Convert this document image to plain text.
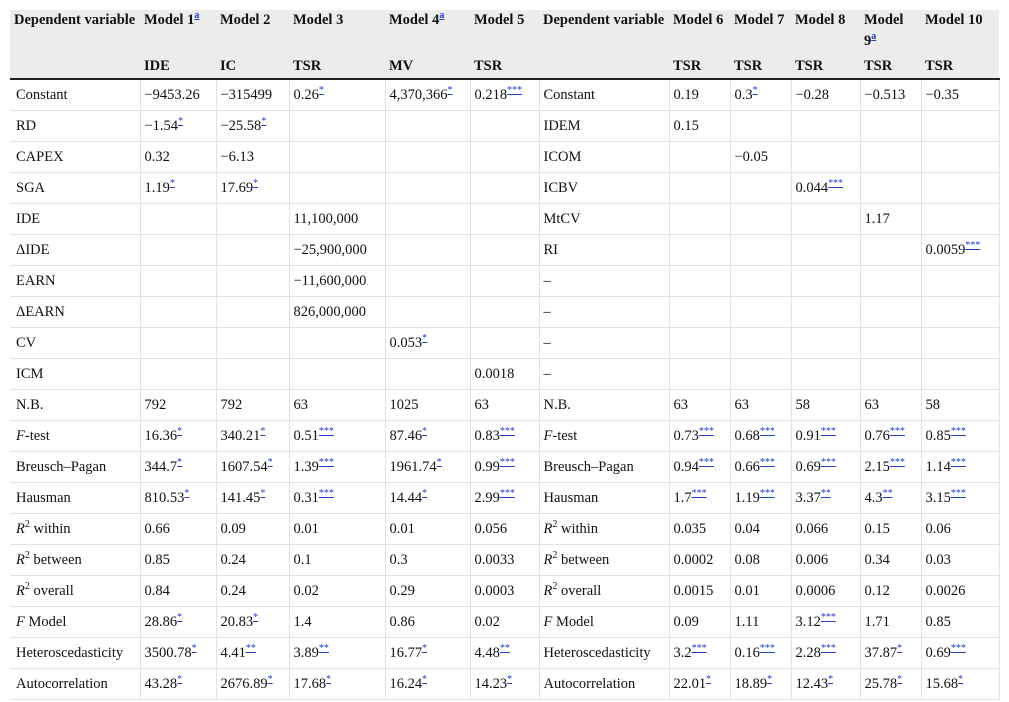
Dependent variable	Model 1$^a$	Model 2	Model 3	Model 4$^a$	Model 5	Dependent variable	Model 6	Model 7	Model 8	Model 9$^a$	Model 10
	IDE	IC	TSR	MV	TSR		TSR	TSR	TSR	TSR	TSR
Constant	−9453.26	−315499	0.26*	4,370,366*	0.218***	Constant	0.19	0.3*	−0.28	−0.513	−0.35
RD	−1.54*	−25.58*				IDEM	0.15				
CAPEX	0.32	−6.13				ICOM		−0.05			
SGA	1.19*	17.69*				ICBV			0.044***		
IDE			11,100,000			MtCV				1.17	
ΔIDE			−25,900,000			RI					0.0059***
EARN			−11,600,000			–					
ΔEARN			826,000,000			–					
CV				0.053*		–					
ICM					0.0018	–					
N.B.	792	792	63	1025	63	N.B.	63	63	58	63	58
F-test	16.36*	340.21*	0.51***	87.46*	0.83***	F-test	0.73***	0.68***	0.91***	0.76***	0.85***
Breusch–Pagan	344.7*	1607.54*	1.39***	1961.74*	0.99***	Breusch–Pagan	0.94***	0.66***	0.69***	2.15***	1.14***
Hausman	810.53*	141.45*	0.31***	14.44*	2.99***	Hausman	1.7***	1.19***	3.37**	4.3**	3.15***
$R^2$ within	0.66	0.09	0.01	0.01	0.056	$R^2$ within	0.035	0.04	0.066	0.15	0.06
$R^2$ between	0.85	0.24	0.1	0.3	0.0033	$R^2$ between	0.0002	0.08	0.006	0.34	0.03
$R^2$ overall	0.84	0.24	0.02	0.29	0.0003	$R^2$ overall	0.0015	0.01	0.0006	0.12	0.0026
F Model	28.86*	20.83*	1.4	0.86	0.02	F Model	0.09	1.11	3.12***	1.71	0.85
Heteroscedasticity	3500.78*	4.41**	3.89**	16.77*	4.48**	Heteroscedasticity	3.2***	0.16***	2.28***	37.87*	0.69***
Autocorrelation	43.28*	2676.89*	17.68*	16.24*	14.23*	Autocorrelation	22.01*	18.89*	12.43*	25.78*	15.68*
